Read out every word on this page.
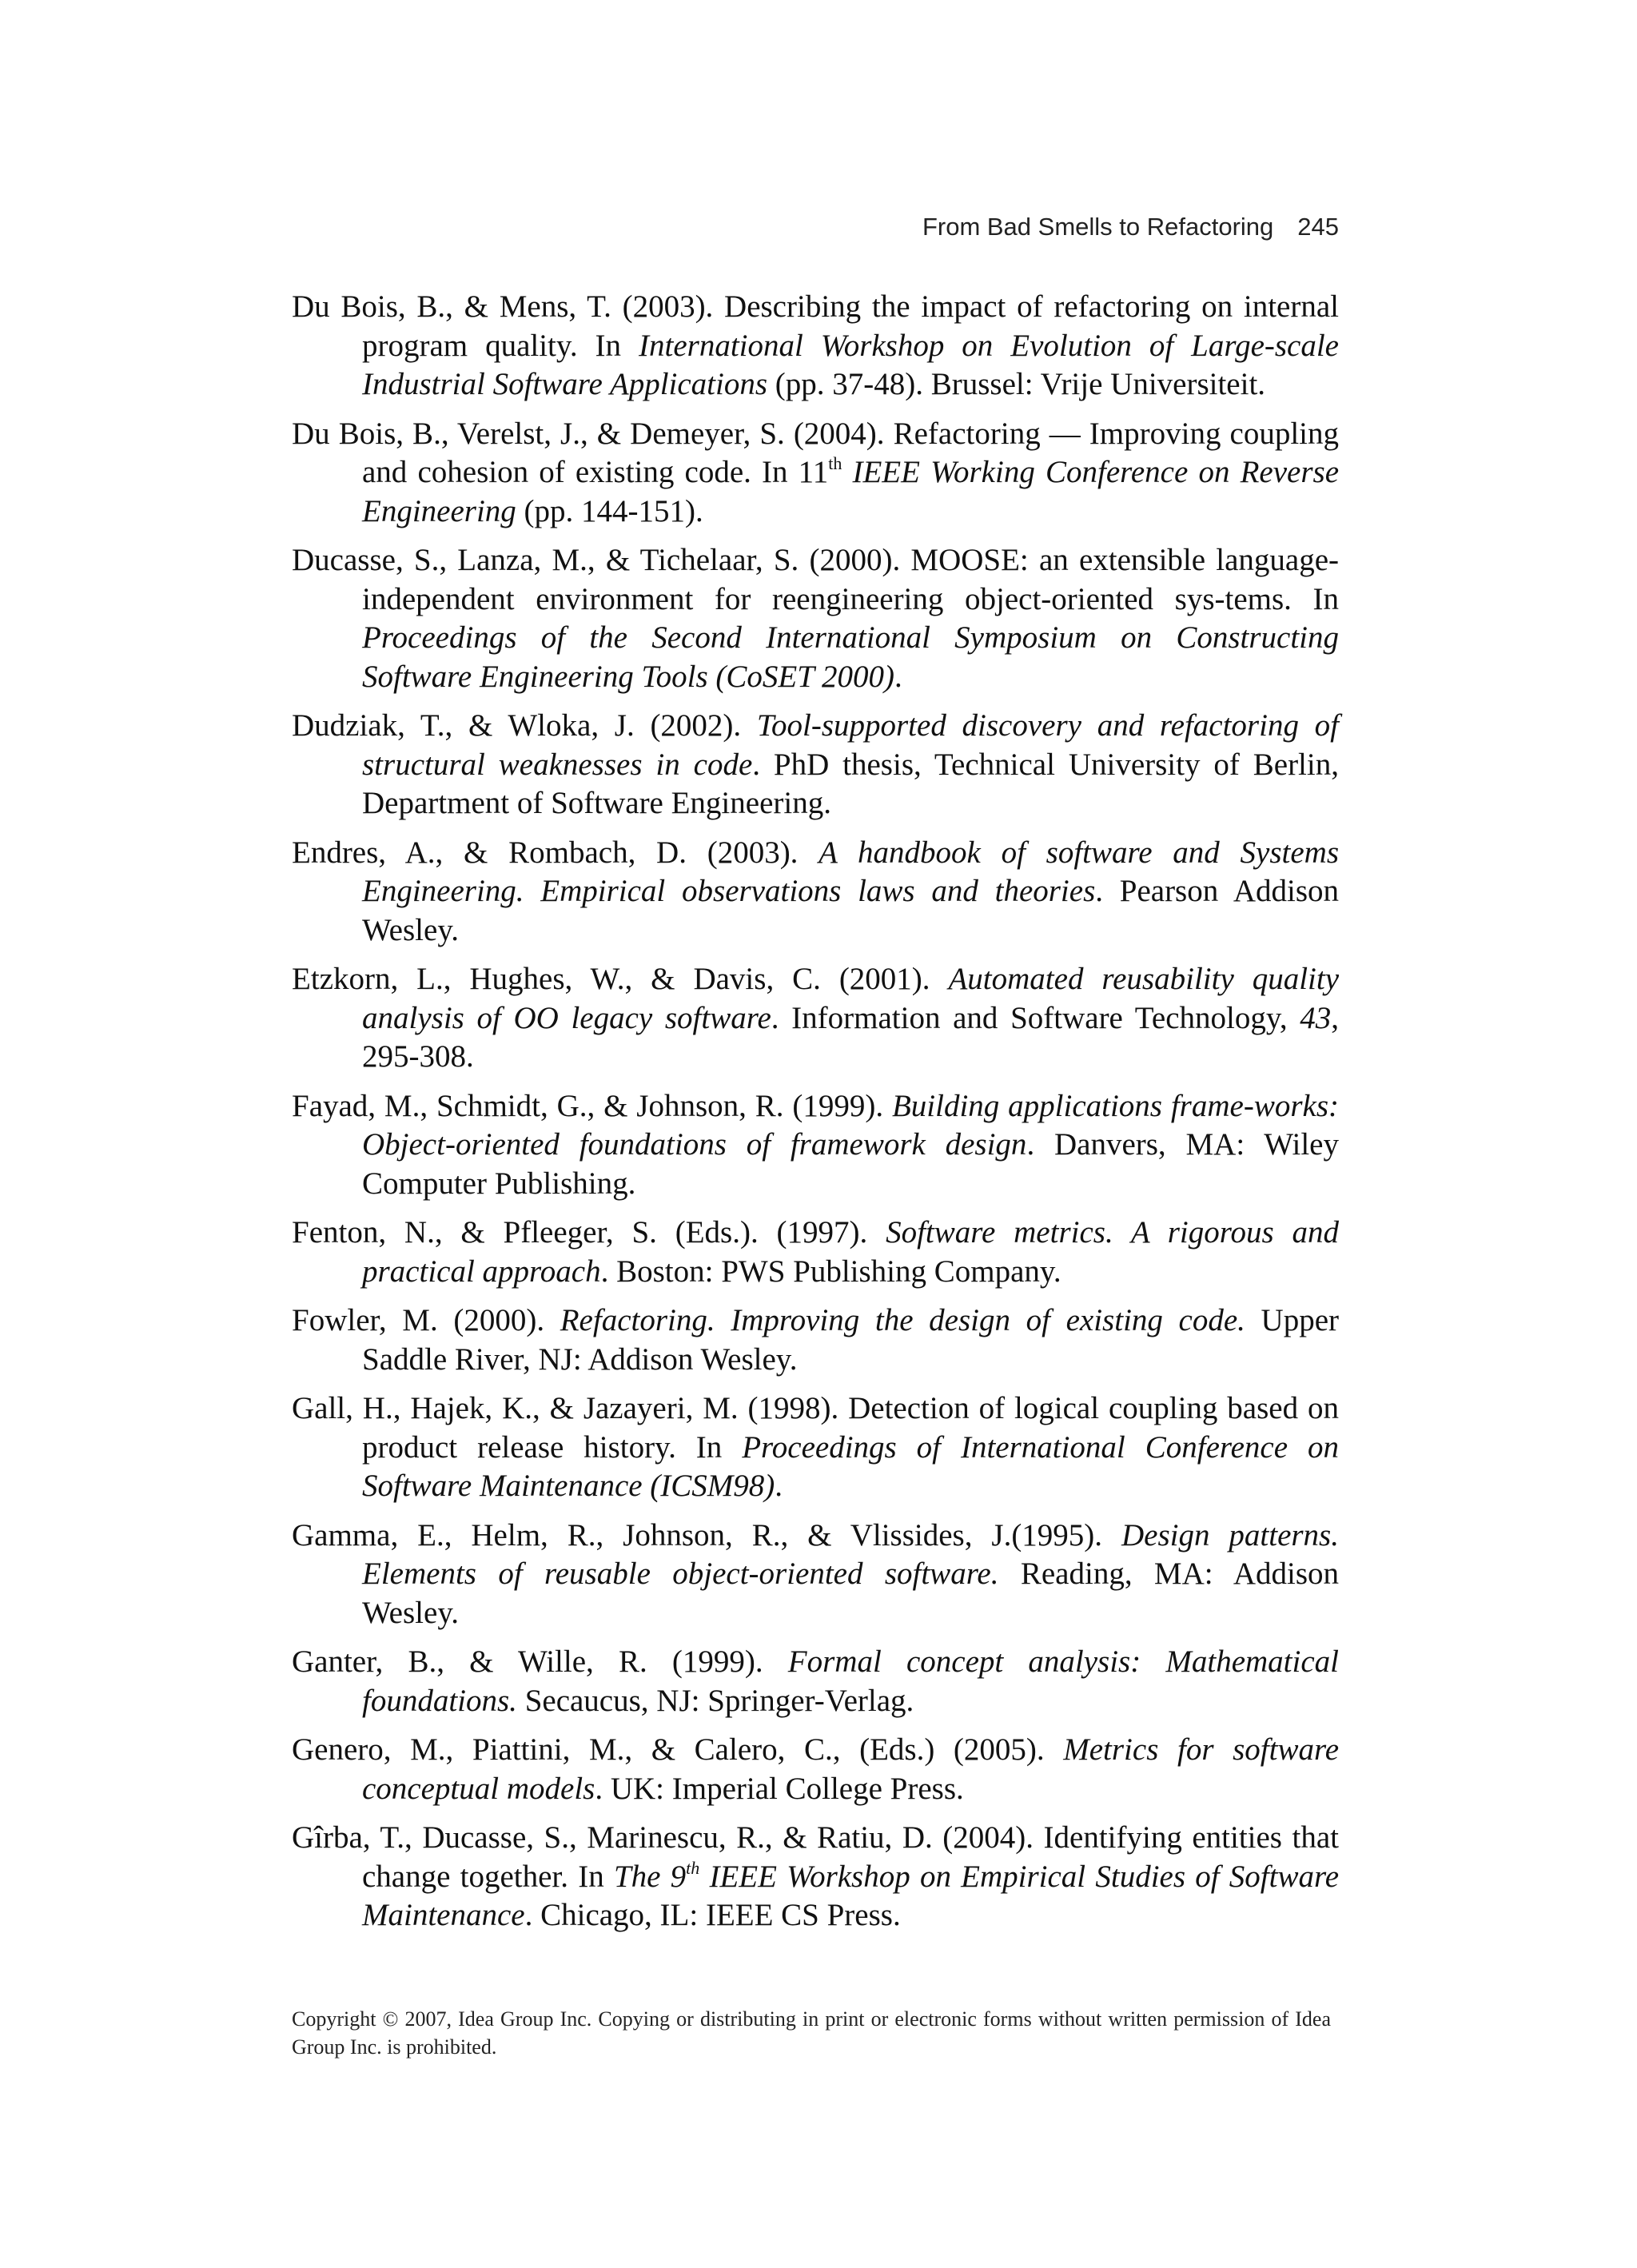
From Bad Smells to Refactoring 245

Du Bois, B., & Mens, T. (2003). Describing the impact of refactoring on internal program quality. In International Workshop on Evolution of Large-scale Industrial Software Applications (pp. 37-48). Brussel: Vrije Universiteit.

Du Bois, B., Verelst, J., & Demeyer, S. (2004). Refactoring — Improving coupling and cohesion of existing code. In 11th IEEE Working Conference on Reverse Engineering (pp. 144-151).

Ducasse, S., Lanza, M., & Tichelaar, S. (2000). MOOSE: an extensible language-independent environment for reengineering object-oriented sys-tems. In Proceedings of the Second International Symposium on Constructing Software Engineering Tools (CoSET 2000).

Dudziak, T., & Wloka, J. (2002). Tool-supported discovery and refactoring of structural weaknesses in code. PhD thesis, Technical University of Berlin, Department of Software Engineering.

Endres, A., & Rombach, D. (2003). A handbook of software and Systems Engineering. Empirical observations laws and theories. Pearson Addison Wesley.

Etzkorn, L., Hughes, W., & Davis, C. (2001). Automated reusability quality analysis of OO legacy software. Information and Software Technology, 43, 295-308.

Fayad, M., Schmidt, G., & Johnson, R. (1999). Building applications frame-works: Object-oriented foundations of framework design. Danvers, MA: Wiley Computer Publishing.

Fenton, N., & Pfleeger, S. (Eds.). (1997). Software metrics. A rigorous and practical approach. Boston: PWS Publishing Company.

Fowler, M. (2000). Refactoring. Improving the design of existing code. Upper Saddle River, NJ: Addison Wesley.

Gall, H., Hajek, K., & Jazayeri, M. (1998). Detection of logical coupling based on product release history. In Proceedings of International Conference on Software Maintenance (ICSM98).

Gamma, E., Helm, R., Johnson, R., & Vlissides, J.(1995). Design patterns. Elements of reusable object-oriented software. Reading, MA: Addison Wesley.

Ganter, B., & Wille, R. (1999). Formal concept analysis: Mathematical foundations. Secaucus, NJ: Springer-Verlag.

Genero, M., Piattini, M., & Calero, C., (Eds.) (2005). Metrics for software conceptual models. UK: Imperial College Press.

Gîrba, T., Ducasse, S., Marinescu, R., & Ratiu, D. (2004). Identifying entities that change together. In The 9th IEEE Workshop on Empirical Studies of Software Maintenance. Chicago, IL: IEEE CS Press.

Copyright © 2007, Idea Group Inc. Copying or distributing in print or electronic forms without written permission of Idea Group Inc. is prohibited.
